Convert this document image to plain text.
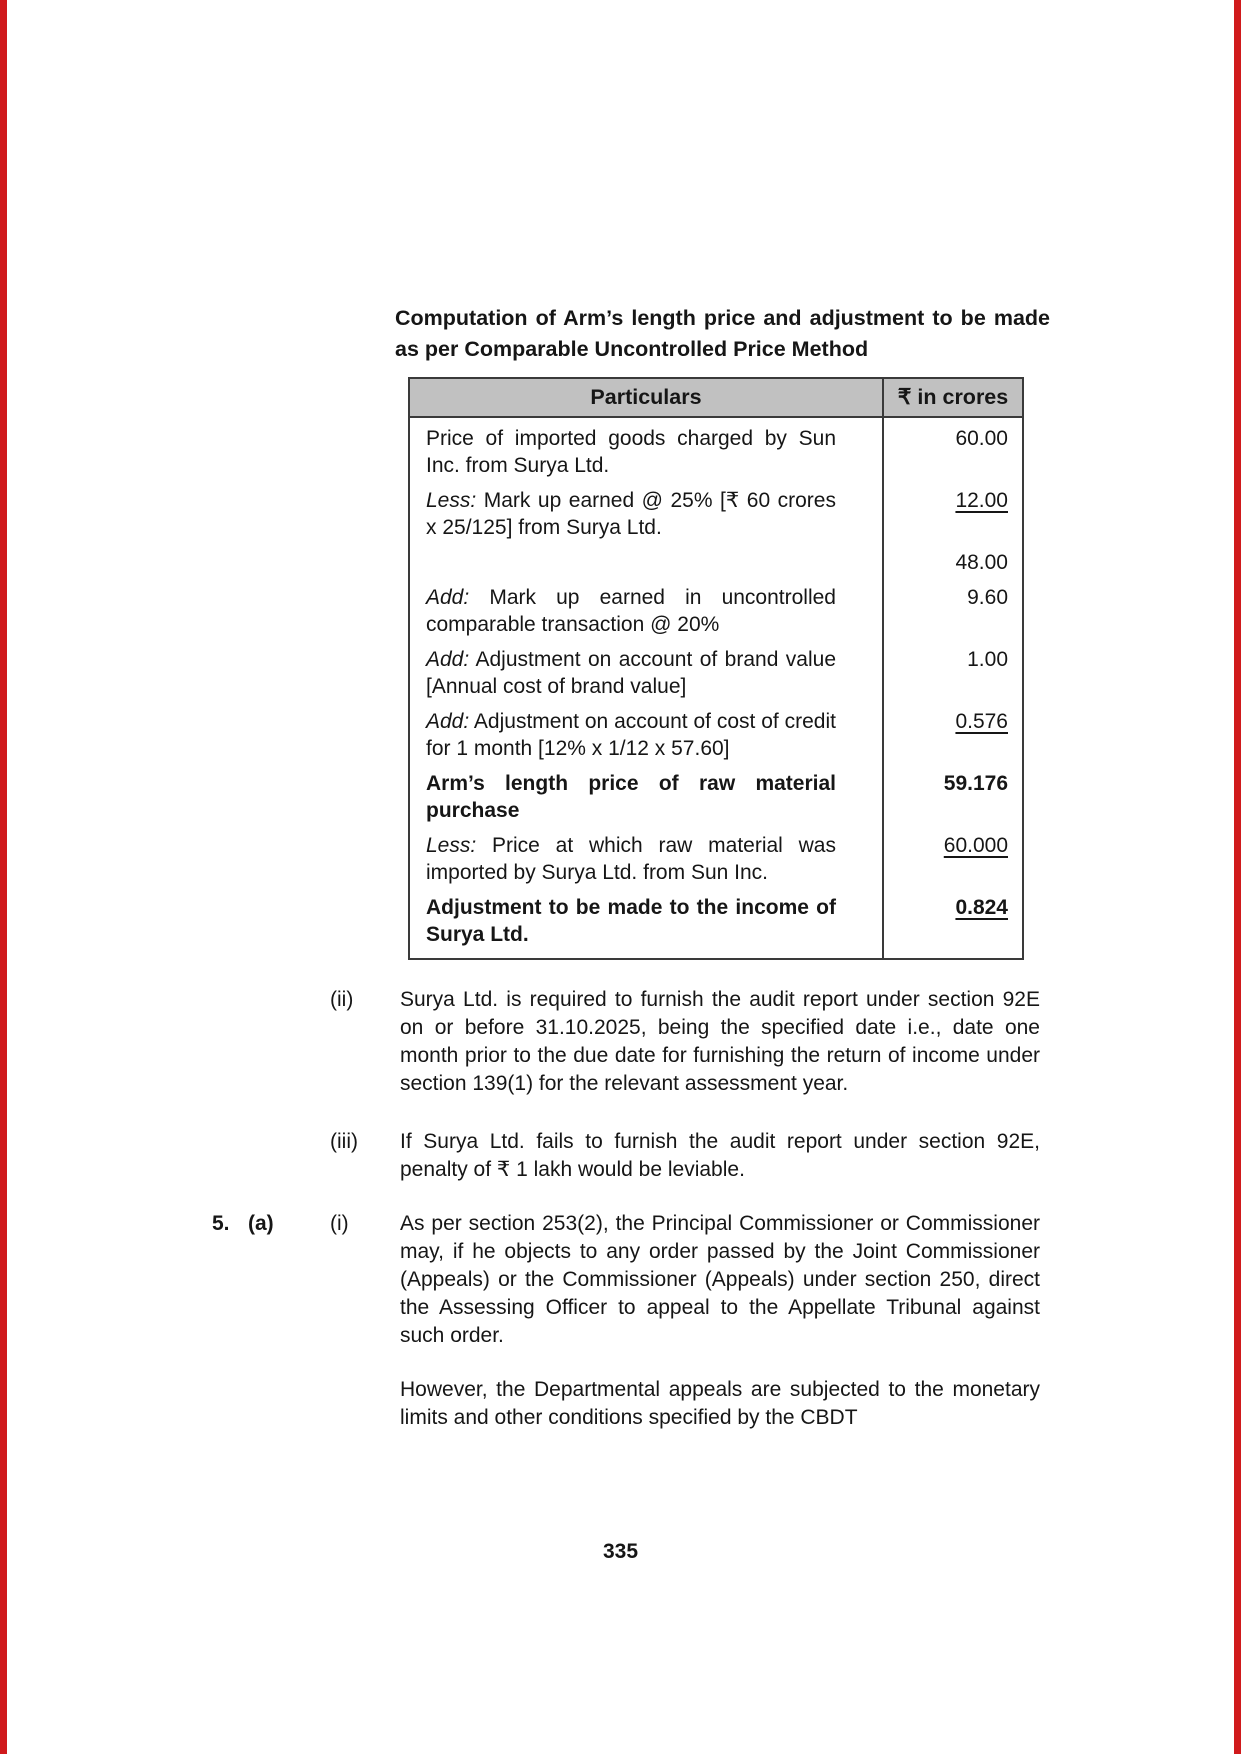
Computation of Arm’s length price and adjustment to be made as per Comparable Uncontrolled Price Method
Particulars	₹ in crores
Price of imported goods charged by Sun Inc. from Surya Ltd.	60.00
Less: Mark up earned @ 25% [₹ 60 crores x 25/125] from Surya Ltd.	12.00
	48.00
Add: Mark up earned in uncontrolled comparable transaction @ 20%	9.60
Add: Adjustment on account of brand value [Annual cost of brand value]	1.00
Add: Adjustment on account of cost of credit for 1 month [12% x 1/12 x 57.60]	0.576
Arm’s length price of raw material purchase	59.176
Less: Price at which raw material was imported by Surya Ltd. from Sun Inc.	60.000
Adjustment to be made to the income of Surya Ltd.	0.824
(ii)	Surya Ltd. is required to furnish the audit report under section 92E on or before 31.10.2025, being the specified date i.e., date one month prior to the due date for furnishing the return of income under section 139(1) for the relevant assessment year.
(iii)	If Surya Ltd. fails to furnish the audit report under section 92E, penalty of ₹ 1 lakh would be leviable.
5. (a)	(i)	As per section 253(2), the Principal Commissioner or Commissioner may, if he objects to any order passed by the Joint Commissioner (Appeals) or the Commissioner (Appeals) under section 250, direct the Assessing Officer to appeal to the Appellate Tribunal against such order.
However, the Departmental appeals are subjected to the monetary limits and other conditions specified by the CBDT
335
